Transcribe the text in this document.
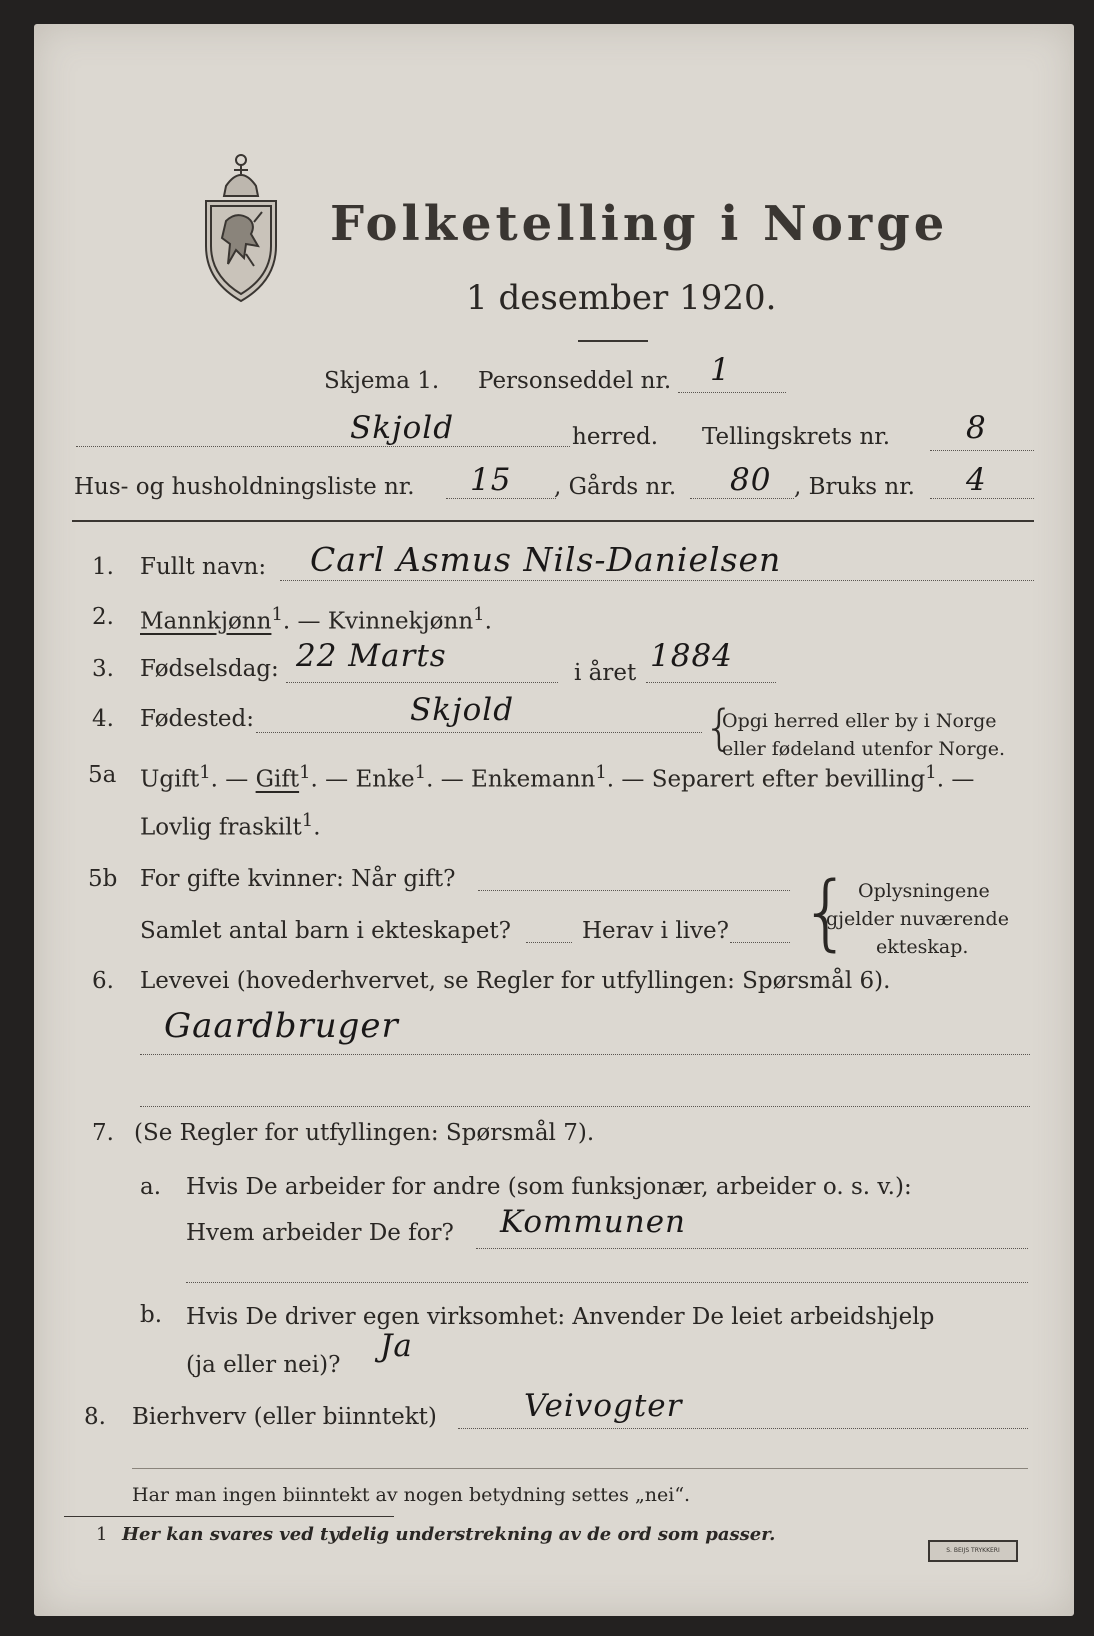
Folketelling i Norge
1 desember 1920.
Skjema 1. Personseddel nr. 1
Skjold	herred. Tellingskrets nr. 8
Hus- og husholdningsliste nr. 15 , Gårds nr. 80 , Bruks nr. 4
1. Fullt navn: Carl Asmus Nils-Danielsen
2. Mannkjønn$^1$. — Kvinnekjønn$^1$.
3. Fødselsdag: 22 Marts	i året 1884
4. Fødested:	Skjold	{
Opgi herred eller by i Norge
eller fødeland utenfor Norge.
5a Ugift$^1$. — Gift$^1$. — Enke$^1$. — Enkemann$^1$. — Separert efter bevilling$^1$. —
Lovlig fraskilt$^1$.
5b For gifte kvinner: Når gift?
Samlet antal barn i ekteskapet?	Herav i live? { Oplysningene
gjelder nuværende
ekteskap.
6. Levevei (hovederhvervet, se Regler for utfyllingen: Spørsmål 6).
Gaardbruger
7. (Se Regler for utfyllingen: Spørsmål 7).
a. Hvis De arbeider for andre (som funksjonær, arbeider o. s. v.):
Hvem arbeider De for? Kommunen
b. Hvis De driver egen virksomhet: Anvender De leiet arbeidshjelp
(ja eller nei)?
Ja
8. Bierhverv (eller biinntekt)	Veivogter
Har man ingen biinntekt av nogen betydning settes „nei“.
1 Her kan svares ved tydelig understrekning av de ord som passer.
S. BEIJS TRYKKERI
